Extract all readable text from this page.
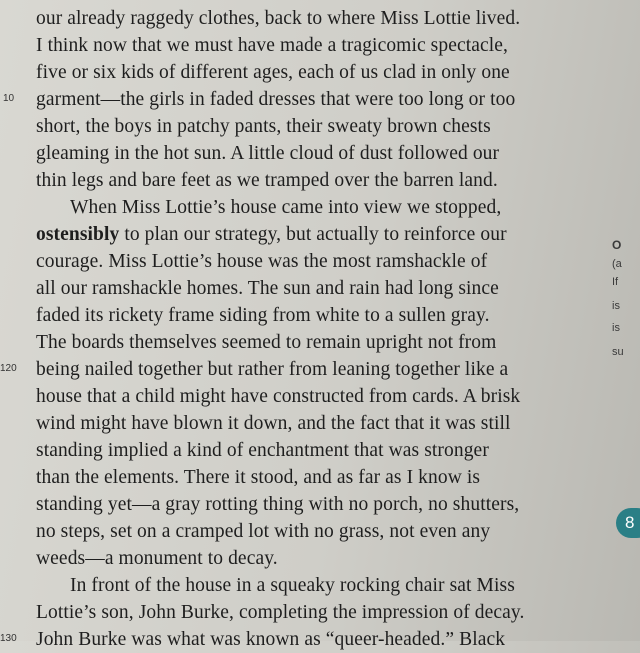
our already raggedy clothes, back to where Miss Lottie lived.
I think now that we must have made a tragicomic spectacle,
five or six kids of different ages, each of us clad in only one
10 garment—the girls in faded dresses that were too long or too
short, the boys in patchy pants, their sweaty brown chests
gleaming in the hot sun. A little cloud of dust followed our
thin legs and bare feet as we tramped over the barren land.
When Miss Lottie’s house came into view we stopped,
ostensibly to plan our strategy, but actually to reinforce our
courage. Miss Lottie’s house was the most ramshackle of
all our ramshackle homes. The sun and rain had long since
faded its rickety frame siding from white to a sullen gray.
The boards themselves seemed to remain upright not from
120 being nailed together but rather from leaning together like a
house that a child might have constructed from cards. A brisk
wind might have blown it down, and the fact that it was still
standing implied a kind of enchantment that was stronger
than the elements. There it stood, and as far as I know is
standing yet—a gray rotting thing with no porch, no shutters,
no steps, set on a cramped lot with no grass, not even any
weeds—a monument to decay.
In front of the house in a squeaky rocking chair sat Miss
Lottie’s son, John Burke, completing the impression of decay.
130 John Burke was what was known as “queer-headed.” Black
O
(a
If
is
is
su
8
